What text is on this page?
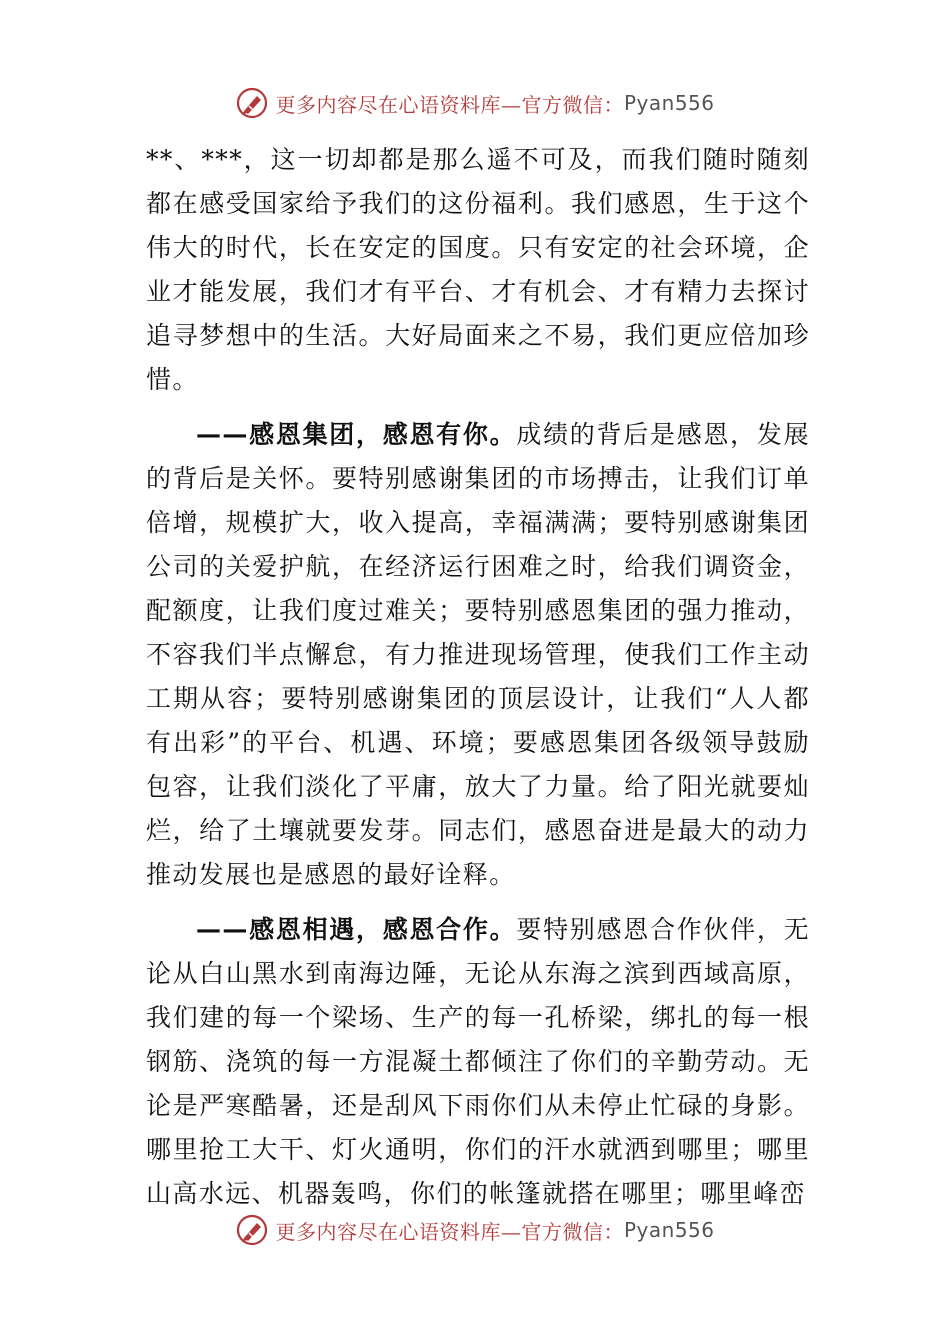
更多内容尽在心语资料库—官方微信： Pyan556

**、***，这一切却都是那么遥不可及，而我们随时随刻都在感受国家给予我们的这份福利。我们感恩，生于这个伟大的时代，长在安定的国度。只有安定的社会环境，企业才能发展，我们才有平台、才有机会、才有精力去探讨追寻梦想中的生活。大好局面来之不易，我们更应倍加珍惜。

——感恩集团，感恩有你。成绩的背后是感恩，发展的背后是关怀。要特别感谢集团的市场搏击，让我们订单倍增，规模扩大，收入提高，幸福满满；要特别感谢集团公司的关爱护航，在经济运行困难之时，给我们调资金，配额度，让我们度过难关；要特别感恩集团的强力推动，不容我们半点懈怠，有力推进现场管理，使我们工作主动工期从容；要特别感谢集团的顶层设计，让我们“人人都有出彩”的平台、机遇、环境；要感恩集团各级领导鼓励包容，让我们淡化了平庸，放大了力量。给了阳光就要灿烂，给了土壤就要发芽。同志们，感恩奋进是最大的动力推动发展也是感恩的最好诠释。

——感恩相遇，感恩合作。要特别感恩合作伙伴，无论从白山黑水到南海边陲，无论从东海之滨到西域高原，我们建的每一个梁场、生产的每一孔桥梁，绑扎的每一根钢筋、浇筑的每一方混凝土都倾注了你们的辛勤劳动。无论是严寒酷暑，还是刮风下雨你们从未停止忙碌的身影。哪里抢工大干、灯火通明，你们的汗水就洒到哪里；哪里山高水远、机器轰鸣，你们的帐篷就搭在哪里；哪里峰峦

更多内容尽在心语资料库—官方微信： Pyan556
